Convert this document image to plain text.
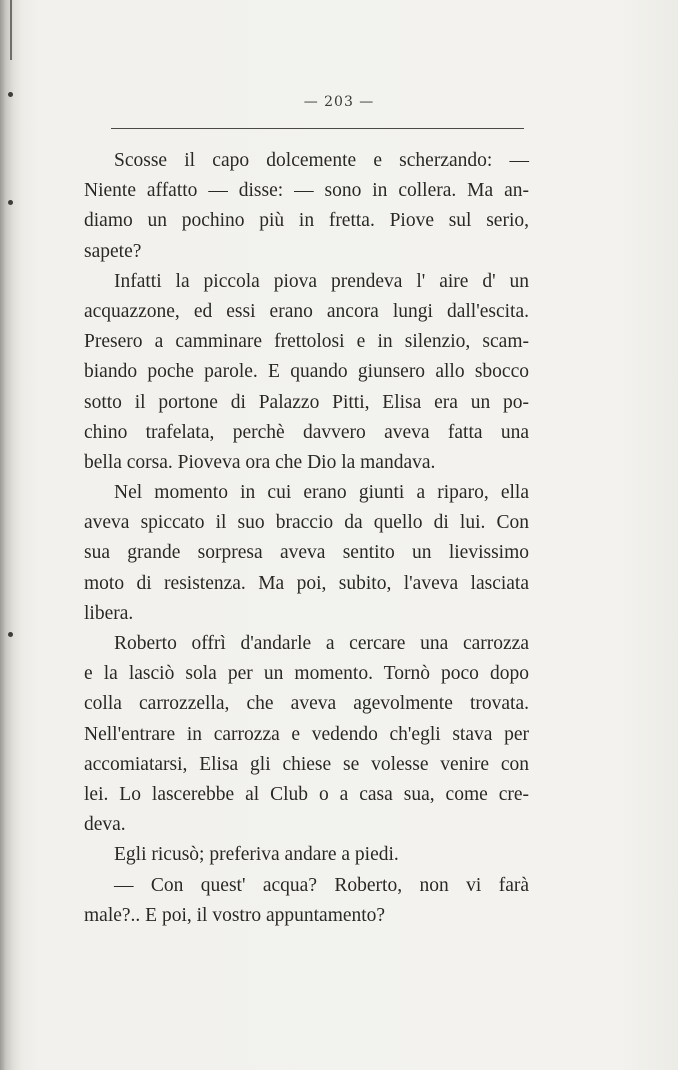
— 203 —
Scosse il capo dolcemente e scherzando: —
Niente affatto — disse: — sono in collera. Ma an-
diamo un pochino più in fretta. Piove sul serio,
sapete?
Infatti la piccola piova prendeva l' aire d' un
acquazzone, ed essi erano ancora lungi dall'escita.
Presero a camminare frettolosi e in silenzio, scam-
biando poche parole. E quando giunsero allo sbocco
sotto il portone di Palazzo Pitti, Elisa era un po-
chino trafelata, perchè davvero aveva fatta una
bella corsa. Pioveva ora che Dio la mandava.
Nel momento in cui erano giunti a riparo, ella
aveva spiccato il suo braccio da quello di lui. Con
sua grande sorpresa aveva sentito un lievissimo
moto di resistenza. Ma poi, subito, l'aveva lasciata
libera.
Roberto offrì d'andarle a cercare una carrozza
e la lasciò sola per un momento. Tornò poco dopo
colla carrozzella, che aveva agevolmente trovata.
Nell'entrare in carrozza e vedendo ch'egli stava per
accomiatarsi, Elisa gli chiese se volesse venire con
lei. Lo lascerebbe al Club o a casa sua, come cre-
deva.
Egli ricusò; preferiva andare a piedi.
— Con quest' acqua? Roberto, non vi farà
male?.. E poi, il vostro appuntamento?
